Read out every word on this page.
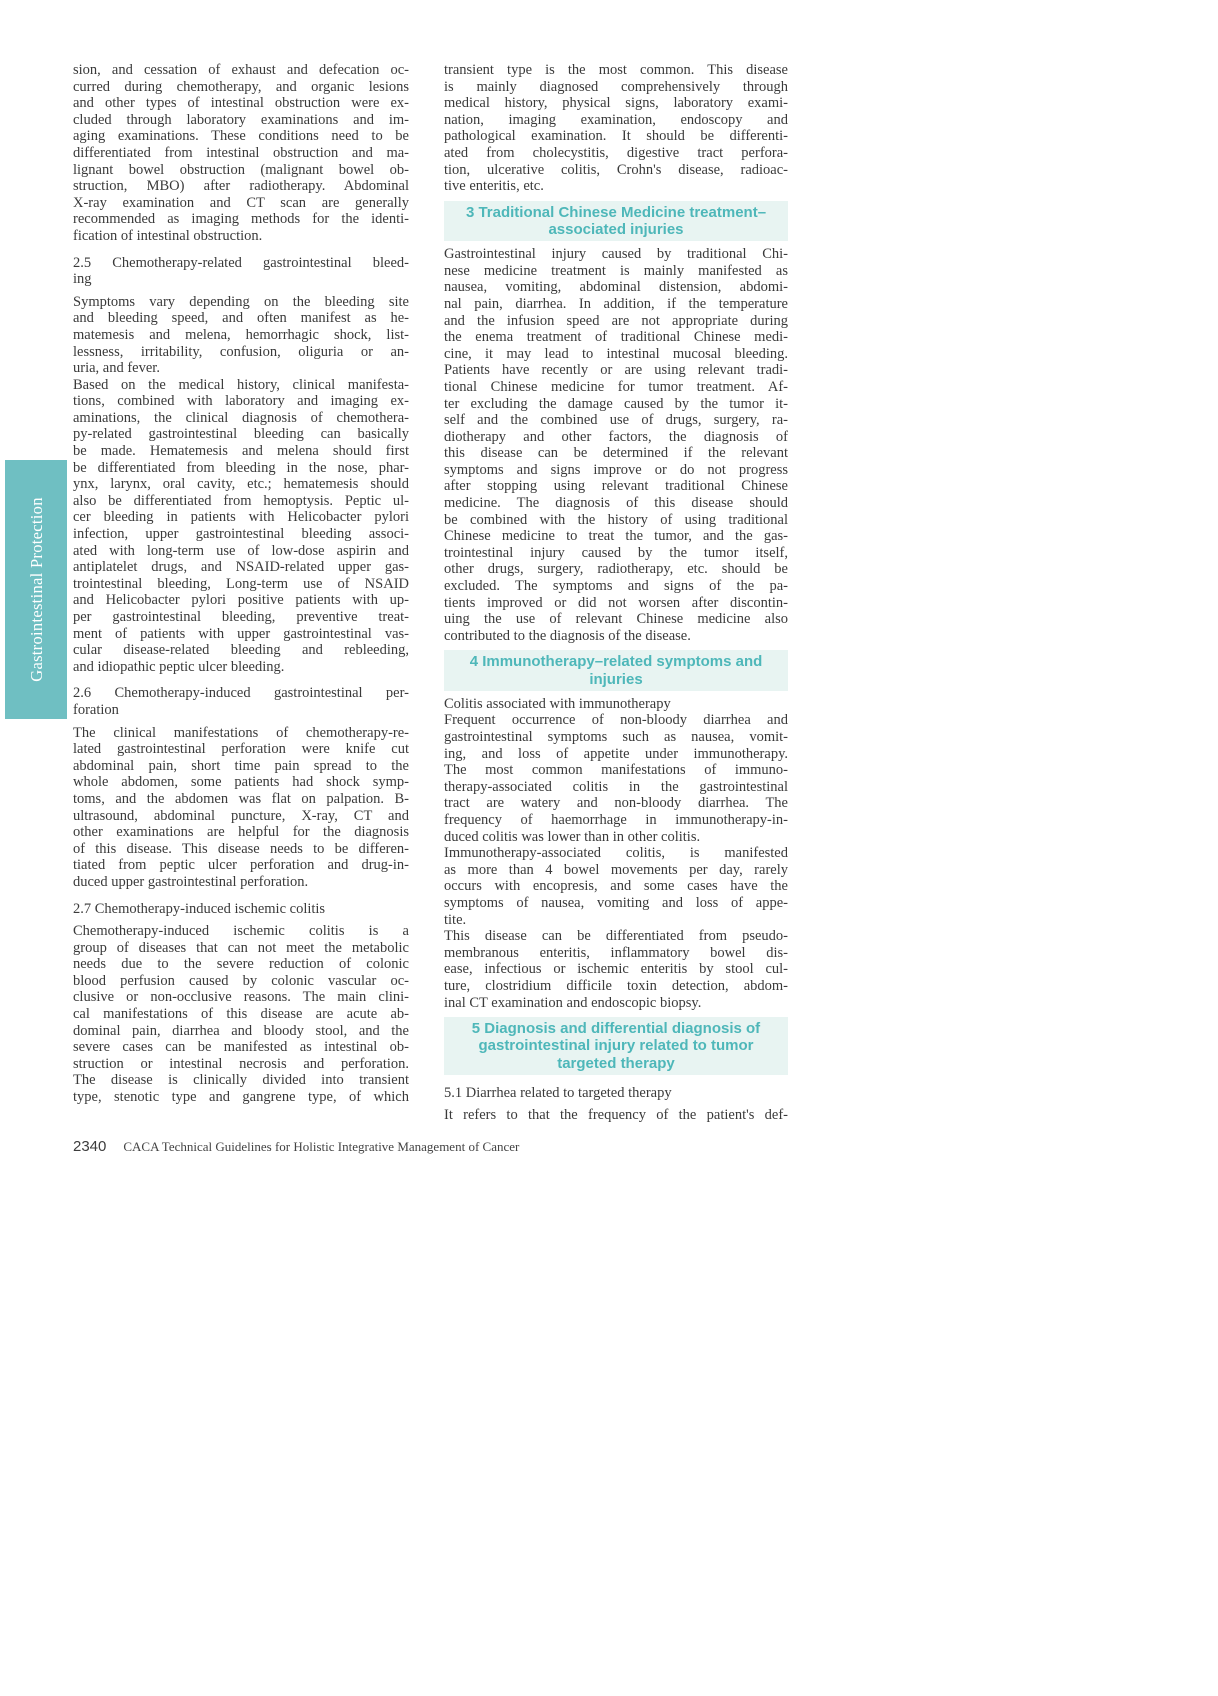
Gastrointestinal Protection
sion, and cessation of exhaust and defecation oc-
curred during chemotherapy, and organic lesions
and other types of intestinal obstruction were ex-
cluded through laboratory examinations and im-
aging examinations. These conditions need to be
differentiated from intestinal obstruction and ma-
lignant bowel obstruction (malignant bowel ob-
struction, MBO) after radiotherapy. Abdominal
X-ray examination and CT scan are generally
recommended as imaging methods for the identi-
fication of intestinal obstruction.
2.5 Chemotherapy-related gastrointestinal bleed-
ing
Symptoms vary depending on the bleeding site
and bleeding speed, and often manifest as he-
matemesis and melena, hemorrhagic shock, list-
lessness, irritability, confusion, oliguria or an-
uria, and fever.
Based on the medical history, clinical manifesta-
tions, combined with laboratory and imaging ex-
aminations, the clinical diagnosis of chemothera-
py-related gastrointestinal bleeding can basically
be made. Hematemesis and melena should first
be differentiated from bleeding in the nose, phar-
ynx, larynx, oral cavity, etc.; hematemesis should
also be differentiated from hemoptysis. Peptic ul-
cer bleeding in patients with Helicobacter pylori
infection, upper gastrointestinal bleeding associ-
ated with long-term use of low-dose aspirin and
antiplatelet drugs, and NSAID-related upper gas-
trointestinal bleeding, Long-term use of NSAID
and Helicobacter pylori positive patients with up-
per gastrointestinal bleeding, preventive treat-
ment of patients with upper gastrointestinal vas-
cular disease-related bleeding and rebleeding,
and idiopathic peptic ulcer bleeding.
2.6 Chemotherapy-induced gastrointestinal per-
foration
The clinical manifestations of chemotherapy-re-
lated gastrointestinal perforation were knife cut
abdominal pain, short time pain spread to the
whole abdomen, some patients had shock symp-
toms, and the abdomen was flat on palpation. B-
ultrasound, abdominal puncture, X-ray, CT and
other examinations are helpful for the diagnosis
of this disease. This disease needs to be differen-
tiated from peptic ulcer perforation and drug-in-
duced upper gastrointestinal perforation.
2.7 Chemotherapy-induced ischemic colitis
Chemotherapy-induced ischemic colitis is a
group of diseases that can not meet the metabolic
needs due to the severe reduction of colonic
blood perfusion caused by colonic vascular oc-
clusive or non-occlusive reasons. The main clini-
cal manifestations of this disease are acute ab-
dominal pain, diarrhea and bloody stool, and the
severe cases can be manifested as intestinal ob-
struction or intestinal necrosis and perforation.
The disease is clinically divided into transient
type, stenotic type and gangrene type, of which
transient type is the most common. This disease
is mainly diagnosed comprehensively through
medical history, physical signs, laboratory exami-
nation, imaging examination, endoscopy and
pathological examination. It should be differenti-
ated from cholecystitis, digestive tract perfora-
tion, ulcerative colitis, Crohn's disease, radioac-
tive enteritis, etc.
3 Traditional Chinese Medicine treatment–
associated injuries
Gastrointestinal injury caused by traditional Chi-
nese medicine treatment is mainly manifested as
nausea, vomiting, abdominal distension, abdomi-
nal pain, diarrhea. In addition, if the temperature
and the infusion speed are not appropriate during
the enema treatment of traditional Chinese medi-
cine, it may lead to intestinal mucosal bleeding.
Patients have recently or are using relevant tradi-
tional Chinese medicine for tumor treatment. Af-
ter excluding the damage caused by the tumor it-
self and the combined use of drugs, surgery, ra-
diotherapy and other factors, the diagnosis of
this disease can be determined if the relevant
symptoms and signs improve or do not progress
after stopping using relevant traditional Chinese
medicine. The diagnosis of this disease should
be combined with the history of using traditional
Chinese medicine to treat the tumor, and the gas-
trointestinal injury caused by the tumor itself,
other drugs, surgery, radiotherapy, etc. should be
excluded. The symptoms and signs of the pa-
tients improved or did not worsen after discontin-
uing the use of relevant Chinese medicine also
contributed to the diagnosis of the disease.
4 Immunotherapy–related symptoms and
injuries
Colitis associated with immunotherapy
Frequent occurrence of non-bloody diarrhea and
gastrointestinal symptoms such as nausea, vomit-
ing, and loss of appetite under immunotherapy.
The most common manifestations of immuno-
therapy-associated colitis in the gastrointestinal
tract are watery and non-bloody diarrhea. The
frequency of haemorrhage in immunotherapy-in-
duced colitis was lower than in other colitis.
Immunotherapy-associated colitis, is manifested
as more than 4 bowel movements per day, rarely
occurs with encopresis, and some cases have the
symptoms of nausea, vomiting and loss of appe-
tite.
This disease can be differentiated from pseudo-
membranous enteritis, inflammatory bowel dis-
ease, infectious or ischemic enteritis by stool cul-
ture, clostridium difficile toxin detection, abdom-
inal CT examination and endoscopic biopsy.
5 Diagnosis and differential diagnosis of
gastrointestinal injury related to tumor
targeted therapy
5.1 Diarrhea related to targeted therapy
It refers to that the frequency of the patient's def-
2340 CACA Technical Guidelines for Holistic Integrative Management of Cancer
